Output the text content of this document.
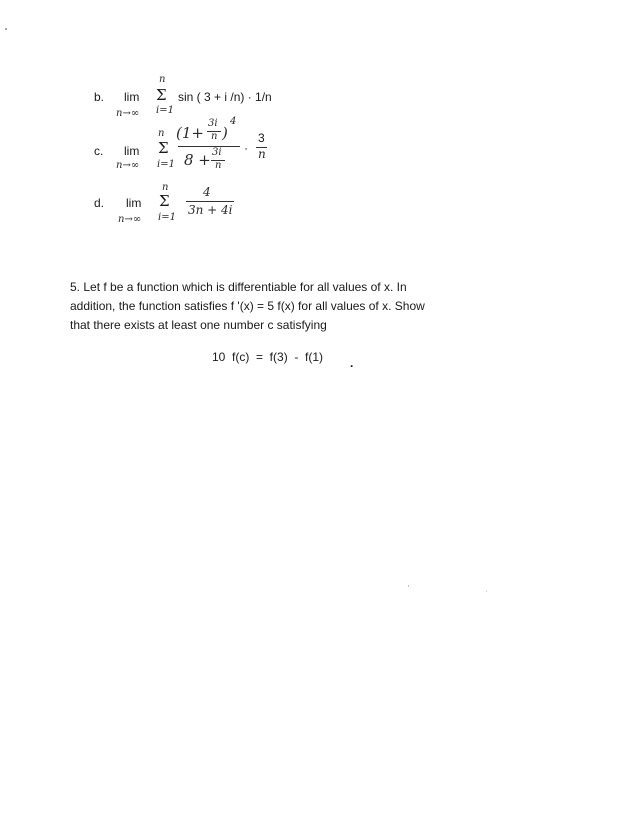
b. lim
n→∞
n
Σ
i=1
sin ( 3 + i /n) · 1/n
c. lim
n→∞
n
Σ
i=1
(1+
3i
n )
4
8 + 3i
n
·
3
n
d. lim
n→∞
n
Σ
i=1
4
3n + 4i
5. Let f be a function which is differentiable for all values of x. In
addition, the function satisfies f '(x) = 5 f(x) for all values of x. Show
that there exists at least one number c satisfying
10  f(c)  =  f(3)  -  f(1) .
